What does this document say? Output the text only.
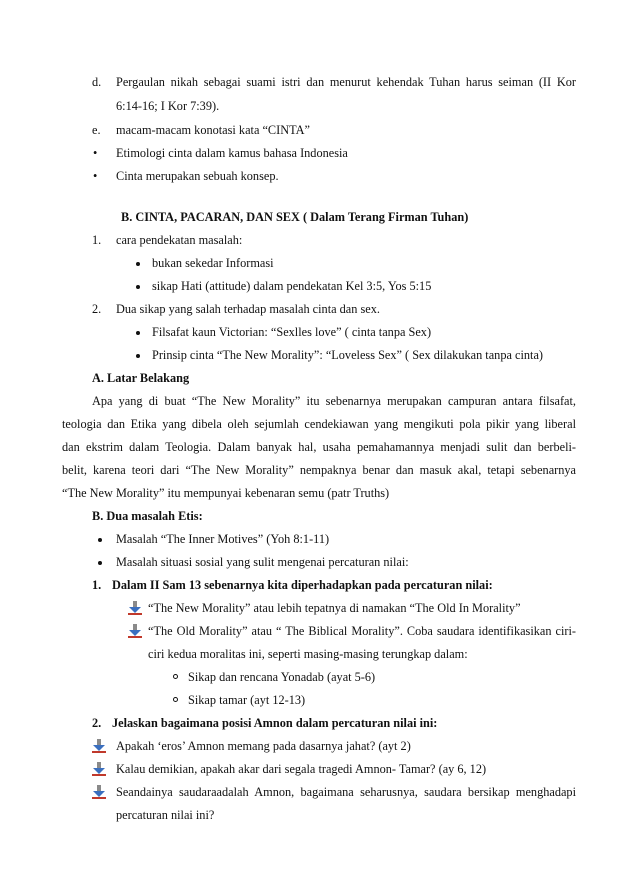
d. Pergaulan nikah sebagai suami istri dan menurut kehendak Tuhan harus seiman (II Kor
6:14-16; I Kor 7:39).
e. macam-macam konotasi kata “CINTA”
• Etimologi cinta dalam kamus bahasa Indonesia
• Cinta merupakan sebuah konsep.
B. CINTA, PACARAN, DAN SEX ( Dalam Terang Firman Tuhan)
1. cara pendekatan masalah:
bukan sekedar Informasi
sikap Hati (attitude) dalam pendekatan Kel 3:5, Yos 5:15
2. Dua sikap yang salah terhadap masalah cinta dan sex.
Filsafat kaun Victorian: “Sexlles love” ( cinta tanpa Sex)
Prinsip cinta “The New Morality”: “Loveless Sex” ( Sex dilakukan tanpa cinta)
A. Latar Belakang
Apa yang di buat “The New Morality” itu sebenarnya merupakan campuran antara filsafat,
teologia dan Etika yang dibela oleh sejumlah cendekiawan yang mengikuti pola pikir yang liberal
dan ekstrim dalam Teologia. Dalam banyak hal, usaha pemahamannya menjadi sulit dan berbeli-
belit, karena teori dari “The New Morality” nempaknya benar dan masuk akal, tetapi sebenarnya
“The New Morality” itu mempunyai kebenaran semu (patr Truths)
B. Dua masalah Etis:
Masalah “The Inner Motives” (Yoh 8:1-11)
Masalah situasi sosial yang sulit mengenai percaturan nilai:
1. Dalam II Sam 13 sebenarnya kita diperhadapkan pada percaturan nilai:
“The New Morality” atau lebih tepatnya di namakan “The Old In Morality”
“The Old Morality” atau “ The Biblical Morality”. Coba saudara identifikasikan ciri-
ciri kedua moralitas ini, seperti masing-masing terungkap dalam:
Sikap dan rencana Yonadab (ayat 5-6)
Sikap tamar (ayt 12-13)
2. Jelaskan bagaimana posisi Amnon dalam percaturan nilai ini:
Apakah ‘eros’ Amnon memang pada dasarnya jahat? (ayt 2)
Kalau demikian, apakah akar dari segala tragedi Amnon- Tamar? (ay 6, 12)
Seandainya saudaraadalah Amnon, bagaimana seharusnya, saudara bersikap menghadapi
percaturan nilai ini?
